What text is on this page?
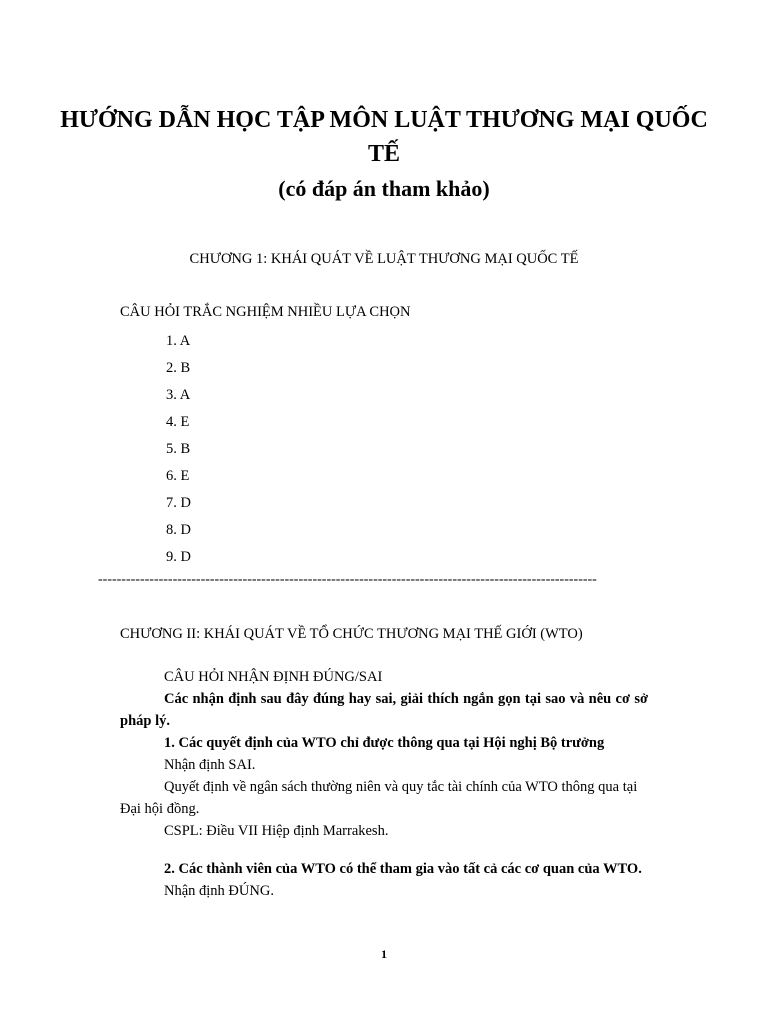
HƯỚNG DẪN HỌC TẬP MÔN LUẬT THƯƠNG MẠI QUỐC TẾ
(có đáp án tham khảo)
CHƯƠNG 1: KHÁI QUÁT VỀ LUẬT THƯƠNG MẠI QUỐC TẾ
CÂU HỎI TRẮC NGHIỆM NHIỀU LỰA CHỌN
1. A
2. B
3. A
4. E
5. B
6. E
7. D
8. D
9. D
-----------------------------------------------------------------------------------------------------------
CHƯƠNG II: KHÁI QUÁT VỀ TỔ CHỨC THƯƠNG MẠI THẾ GIỚI (WTO)

CÂU HỎI NHẬN ĐỊNH ĐÚNG/SAI

Các nhận định sau đây đúng hay sai, giải thích ngắn gọn tại sao và nêu cơ sở pháp lý.

1. Các quyết định của WTO chỉ được thông qua tại Hội nghị Bộ trưởng

Nhận định SAI.

Quyết định về ngân sách thường niên và quy tắc tài chính của WTO thông qua tại Đại hội đồng.

CSPL: Điều VII Hiệp định Marrakesh.

2. Các thành viên của WTO có thể tham gia vào tất cả các cơ quan của WTO.

Nhận định ĐÚNG.

1
